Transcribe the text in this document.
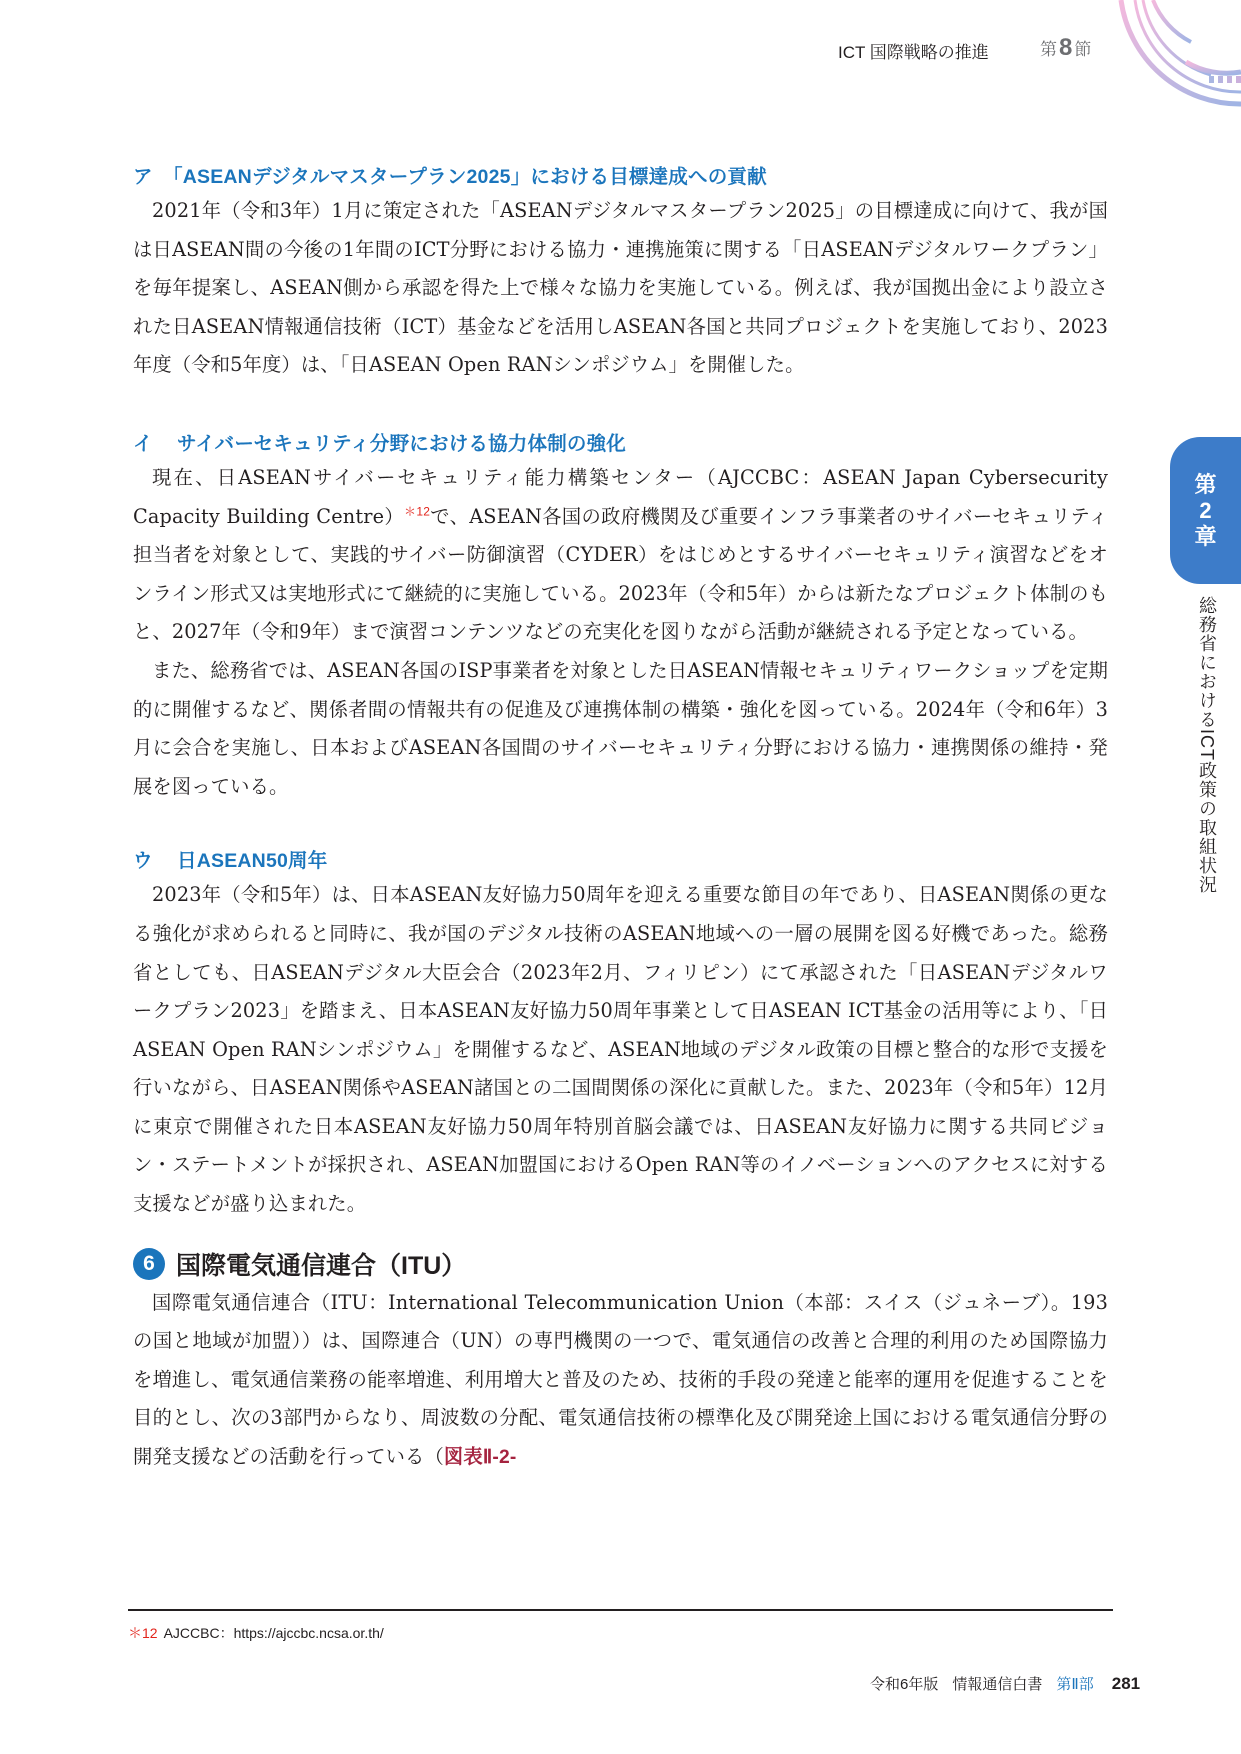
ICT 国際戦略の推進	第8 節
第
2
章
総務省におけるICT政策の取組状況
ア 「ASEANデジタルマスタープラン2025」における目標達成への貢献

2021年（令和3年）1月に策定された「ASEANデジタルマスタープラン2025」の目標達成に向けて、我が国は日ASEAN間の今後の1年間のICT分野における協力・連携施策に関する「日ASEANデジタルワークプラン」を毎年提案し、ASEAN側から承認を得た上で様々な協力を実施している。例えば、我が国拠出金により設立された日ASEAN情報通信技術（ICT）基金などを活用しASEAN各国と共同プロジェクトを実施しており、2023年度（令和5年度）は、「日ASEAN Open RANシンポジウム」を開催した。

イ サイバーセキュリティ分野における協力体制の強化

現在、日ASEANサイバーセキュリティ能力構築センター（AJCCBC：ASEAN Japan Cybersecurity Capacity Building Centre）$^{*12}$で、ASEAN各国の政府機関及び重要インフラ事業者のサイバーセキュリティ担当者を対象として、実践的サイバー防御演習（CYDER）をはじめとするサイバーセキュリティ演習などをオンライン形式又は実地形式にて継続的に実施している。2023年（令和5年）からは新たなプロジェクト体制のもと、2027年（令和9年）まで演習コンテンツなどの充実化を図りながら活動が継続される予定となっている。

また、総務省では、ASEAN各国のISP事業者を対象とした日ASEAN情報セキュリティワークショップを定期的に開催するなど、関係者間の情報共有の促進及び連携体制の構築・強化を図っている。2024年（令和6年）3月に会合を実施し、日本およびASEAN各国間のサイバーセキュリティ分野における協力・連携関係の維持・発展を図っている。

ウ 日ASEAN50周年

2023年（令和5年）は、日本ASEAN友好協力50周年を迎える重要な節目の年であり、日ASEAN関係の更なる強化が求められると同時に、我が国のデジタル技術のASEAN地域への一層の展開を図る好機であった。総務省としても、日ASEANデジタル大臣会合（2023年2月、フィリピン）にて承認された「日ASEANデジタルワークプラン2023」を踏まえ、日本ASEAN友好協力50周年事業として日ASEAN ICT基金の活用等により、「日ASEAN Open RANシンポジウム」を開催するなど、ASEAN地域のデジタル政策の目標と整合的な形で支援を行いながら、日ASEAN関係やASEAN諸国との二国間関係の深化に貢献した。また、2023年（令和5年）12月に東京で開催された日本ASEAN友好協力50周年特別首脳会議では、日ASEAN友好協力に関する共同ビジョン・ステートメントが採択され、ASEAN加盟国におけるOpen RAN等のイノベーションへのアクセスに対する支援などが盛り込まれた。

6 国際電気通信連合（ITU）

国際電気通信連合（ITU：International Telecommunication Union（本部：スイス（ジュネーブ）。193の国と地域が加盟））は、国際連合（UN）の専門機関の一つで、電気通信の改善と合理的利用のため国際協力を増進し、電気通信業務の能率増進、利用増大と普及のため、技術的手段の発達と能率的運用を促進することを目的とし、次の3部門からなり、周波数の分配、電気通信技術の標準化及び開発途上国における電気通信分野の開発支援などの活動を行っている（図表Ⅱ-2-

＊12 AJCCBC：https://ajccbc.ncsa.or.th/
令和6年版 情報通信白書 第Ⅱ部 281
